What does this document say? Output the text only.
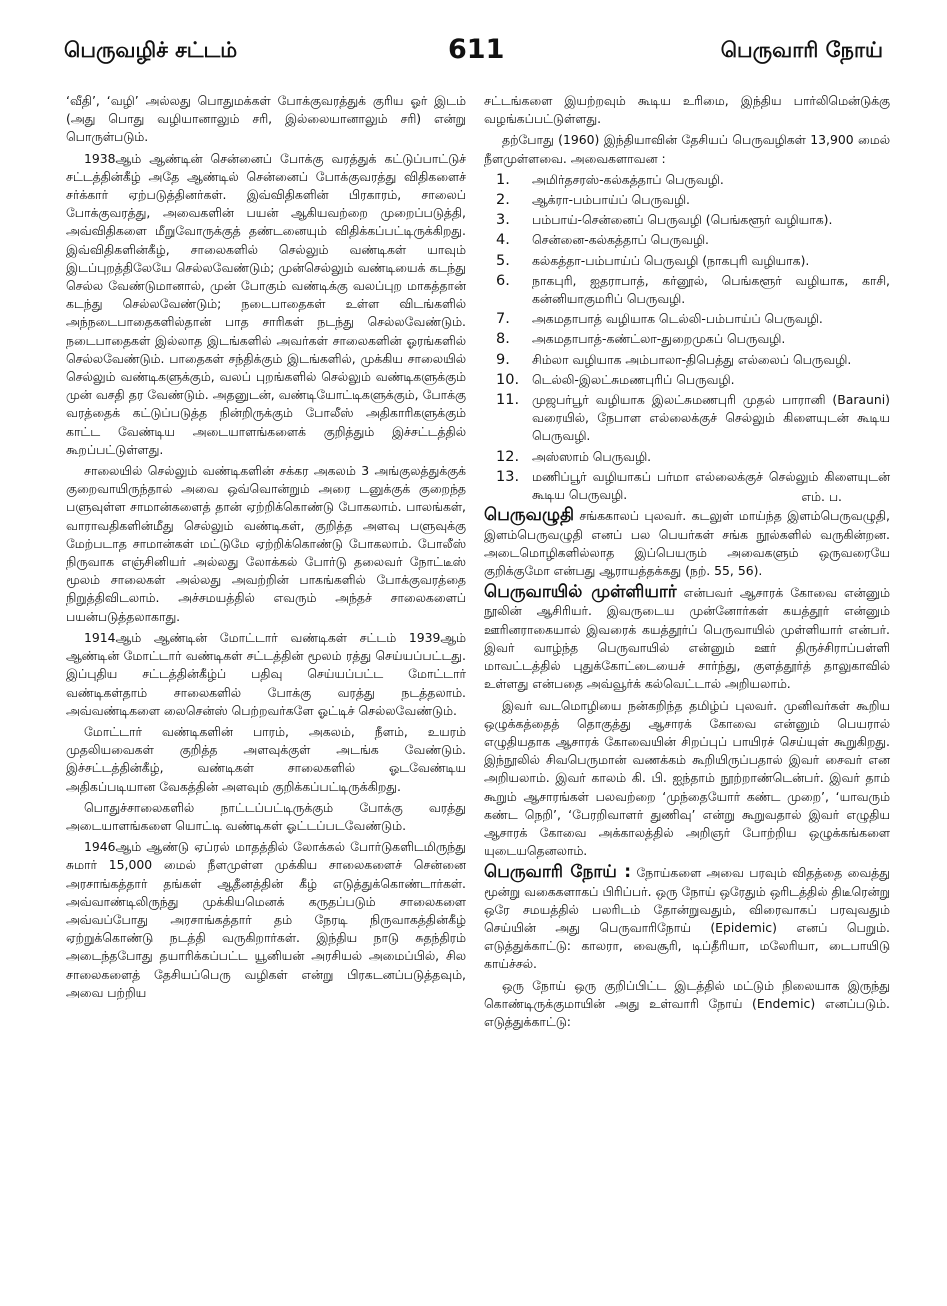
பெருவழிச் சட்டம்	611	பெருவாரி நோய்

‘வீதி’, ‘வழி’ அல்லது பொதுமக்கள் போக்குவரத்துக் குரிய ஓர் இடம் (அது பொது வழியானாலும் சரி, இல்லையானாலும் சரி) என்று பொருள்படும்.

1938ஆம் ஆண்டின் சென்னைப் போக்கு வரத்துக் கட்டுப்பாட்டுச் சட்டத்தின்கீழ் அதே ஆண்டில் சென்னைப் போக்குவரத்து விதிகளைச் சர்க்கார் ஏற்படுத்தினர்கள். இவ்விதிகளின் பிரகாரம், சாலைப் போக்குவரத்து, அவைகளின் பயன் ஆகியவற்றை முறைப்படுத்தி, அவ்விதிகளை மீறுவோருக்குத் தண்டனையும் விதிக்கப்பட்டிருக்கிறது. இவ்விதிகளின்கீழ், சாலைகளில் செல்லும் வண்டிகள் யாவும் இடப்புறத்திலேயே செல்லவேண்டும்; முன்செல்லும் வண்டியைக் கடந்து செல்ல வேண்டுமானால், முன் போகும் வண்டிக்கு வலப்புற மாகத்தான் கடந்து செல்லவேண்டும்; நடைபாதைகள் உள்ள விடங்களில் அந்நடைபாதைகளில்தான் பாத சாரிகள் நடந்து செல்லவேண்டும். நடைபாதைகள் இல்லாத இடங்களில் அவர்கள் சாலைகளின் ஓரங்களில் செல்லவேண்டும். பாதைகள் சந்திக்கும் இடங்களில், முக்கிய சாலையில் செல்லும் வண்டிகளுக்கும், வலப் புறங்களில் செல்லும் வண்டிகளுக்கும் முன் வசதி தர வேண்டும். அதனுடன், வண்டியோட்டிகளுக்கும், போக்கு வரத்தைக் கட்டுப்படுத்த நின்றிருக்கும் போலீஸ் அதிகாரிகளுக்கும் காட்ட வேண்டிய அடையாளங்களைக் குறித்தும் இச்சட்டத்தில் கூறப்பட்டுள்ளது.

சாலையில் செல்லும் வண்டிகளின் சக்கர அகலம் 3 அங்குலத்துக்குக் குறைவாயிருந்தால் அவை ஒவ்வொன்றும் அரை டனுக்குக் குறைந்த பளுவுள்ள சாமான்களைத் தான் ஏற்றிக்கொண்டு போகலாம். பாலங்கள், வாராவதிகளின்மீது செல்லும் வண்டிகள், குறித்த அளவு பளுவுக்கு மேற்படாத சாமான்கள் மட்டுமே ஏற்றிக்கொண்டு போகலாம். போலீஸ் நிருவாக எஞ்சினியர் அல்லது லோக்கல் போர்டு தலைவர் நோட்டீஸ் மூலம் சாலைகள் அல்லது அவற்றின் பாகங்களில் போக்குவரத்தை நிறுத்திவிடலாம். அச்சமயத்தில் எவரும் அந்தச் சாலைகளைப் பயன்படுத்தலாகாது.

1914ஆம் ஆண்டின் மோட்டார் வண்டிகள் சட்டம் 1939ஆம் ஆண்டின் மோட்டார் வண்டிகள் சட்டத்தின் மூலம் ரத்து செய்யப்பட்டது. இப்புதிய சட்டத்தின்கீழ்ப் பதிவு செய்யப்பட்ட மோட்டார் வண்டிகள்தாம் சாலைகளில் போக்கு வரத்து நடத்தலாம். அவ்வண்டிகளை லைசென்ஸ் பெற்றவர்களே ஓட்டிச் செல்லவேண்டும்.

மோட்டார் வண்டிகளின் பாரம், அகலம், நீளம், உயரம் முதலியவைகள் குறித்த அளவுக்குள் அடங்க வேண்டும். இச்சட்டத்தின்கீழ், வண்டிகள் சாலைகளில் ஓடவேண்டிய அதிகப்படியான வேகத்தின் அளவும் குறிக்கப்பட்டிருக்கிறது.

பொதுச்சாலைகளில் நாட்டப்பட்டிருக்கும் போக்கு வரத்து அடையாளங்களை யொட்டி வண்டிகள் ஓட்டப்படவேண்டும்.

1946ஆம் ஆண்டு ஏப்ரல் மாதத்தில் லோக்கல் போர்டுகளிடமிருந்து சுமார் 15,000 மைல் நீளமுள்ள முக்கிய சாலைகளைச் சென்னை அரசாங்கத்தார் தங்கள் ஆதீனத்தின் கீழ் எடுத்துக்கொண்டார்கள். அவ்வாண்டிலிருந்து முக்கியமெனக் கருதப்படும் சாலைகளை அவ்வப்போது அரசாங்கத்தார் தம் நேரடி நிருவாகத்தின்கீழ் ஏற்றுக்கொண்டு நடத்தி வருகிறார்கள். இந்திய நாடு சுதந்திரம் அடைந்தபோது தயாரிக்கப்பட்ட யூனியன் அரசியல் அமைப்பில், சில சாலைகளைத் தேசியப்பெரு வழிகள் என்று பிரகடனப்படுத்தவும், அவை பற்றிய

சட்டங்களை இயற்றவும் கூடிய உரிமை, இந்திய பார்லிமென்டுக்கு வழங்கப்பட்டுள்ளது.

தற்போது (1960) இந்தியாவின் தேசியப் பெருவழிகள் 13,900 மைல் நீளமுள்ளவை. அவைகளாவன :

1.	அமிர்தசரஸ்-கல்கத்தாப் பெருவழி.
2.	ஆக்ரா-பம்பாய்ப் பெருவழி.
3.	பம்பாய்-சென்னைப் பெருவழி (பெங்களூர் வழியாக).
4.	சென்னை-கல்கத்தாப் பெருவழி.
5.	கல்கத்தா-பம்பாய்ப் பெருவழி (நாகபுரி வழியாக).
6.	நாகபுரி, ஐதராபாத், கர்னூல், பெங்களூர் வழியாக, காசி, கன்னியாகுமரிப் பெருவழி.
7.	அகமதாபாத் வழியாக டெல்லி-பம்பாய்ப் பெருவழி.
8.	அகமதாபாத்-கண்ட்லா-துறைமுகப் பெருவழி.
9.	சிம்லா வழியாக அம்பாலா-திபெத்து எல்லைப் பெருவழி.
10.	டெல்லி-இலட்சுமணபுரிப் பெருவழி.
11.	முஜபர்பூர் வழியாக இலட்சுமணபுரி முதல் பாரானி (Barauni) வரையில், நேபாள எல்லைக்குச் செல்லும் கிளையுடன் கூடிய பெருவழி.
12.	அஸ்ஸாம் பெருவழி.
13.	மணிப்பூர் வழியாகப் பர்மா எல்லைக்குச் செல்லும் கிளையுடன் கூடிய பெருவழி.	எம். ப.

பெருவழுதி சங்ககாலப் புலவர். கடலுள் மாய்ந்த இளம்பெருவழுதி, இளம்பெருவழுதி எனப் பல பெயர்கள் சங்க நூல்களில் வருகின்றன. அடைமொழிகளில்லாத இப்பெயரும் அவைகளும் ஒருவரையே குறிக்குமோ என்பது ஆராயத்தக்கது (நற். 55, 56).

பெருவாயில் முள்ளியார் என்பவர் ஆசாரக் கோவை என்னும் நூலின் ஆசிரியர். இவருடைய முன்னோர்கள் கயத்தூர் என்னும் ஊரினராகையால் இவரைக் கயத்தூர்ப் பெருவாயில் முள்ளியார் என்பர். இவர் வாழ்ந்த பெருவாயில் என்னும் ஊர் திருச்சிராப்பள்ளி மாவட்டத்தில் புதுக்கோட்டையைச் சார்ந்து, குளத்தூர்த் தாலுகாவில் உள்ளது என்பதை அவ்வூர்க் கல்வெட்டால் அறியலாம்.

இவர் வடமொழியை நன்கறிந்த தமிழ்ப் புலவர். முனிவர்கள் கூறிய ஒழுக்கத்தைத் தொகுத்து ஆசாரக் கோவை என்னும் பெயரால் எழுதியதாக ஆசாரக் கோவையின் சிறப்புப் பாயிரச் செய்யுள் கூறுகிறது. இந்நூலில் சிவபெருமான் வணக்கம் கூறியிருப்பதால் இவர் சைவர் என அறியலாம். இவர் காலம் கி. பி. ஐந்தாம் நூற்றாண்டென்பர். இவர் தாம் கூறும் ஆசாரங்கள் பலவற்றை ‘முந்தையோர் கண்ட முறை’, ‘யாவரும் கண்ட நெறி’, ‘பேரறிவாளர் துணிவு’ என்று கூறுவதால் இவர் எழுதிய ஆசாரக் கோவை அக்காலத்தில் அறிஞர் போற்றிய ஒழுக்கங்களை யுடையதெனலாம்.

பெருவாரி நோய் : நோய்களை அவை பரவும் விதத்தை வைத்து மூன்று வகைகளாகப் பிரிப்பர். ஒரு நோய் ஒரேதும் ஒரிடத்தில் திடீரென்று ஒரே சமயத்தில் பலரிடம் தோன்றுவதும், விரைவாகப் பரவுவதும் செய்யின் அது பெருவாரிநோய் (Epidemic) எனப் பெறும். எடுத்துக்காட்டு: காலரா, வைசூரி, டிப்தீரியா, மலேரியா, டைபாயிடு காய்ச்சல்.

ஒரு நோய் ஒரு குறிப்பிட்ட இடத்தில் மட்டும் நிலையாக இருந்து கொண்டிருக்குமாயின் அது உள்வாரி நோய் (Endemic) எனப்படும். எடுத்துக்காட்டு:
